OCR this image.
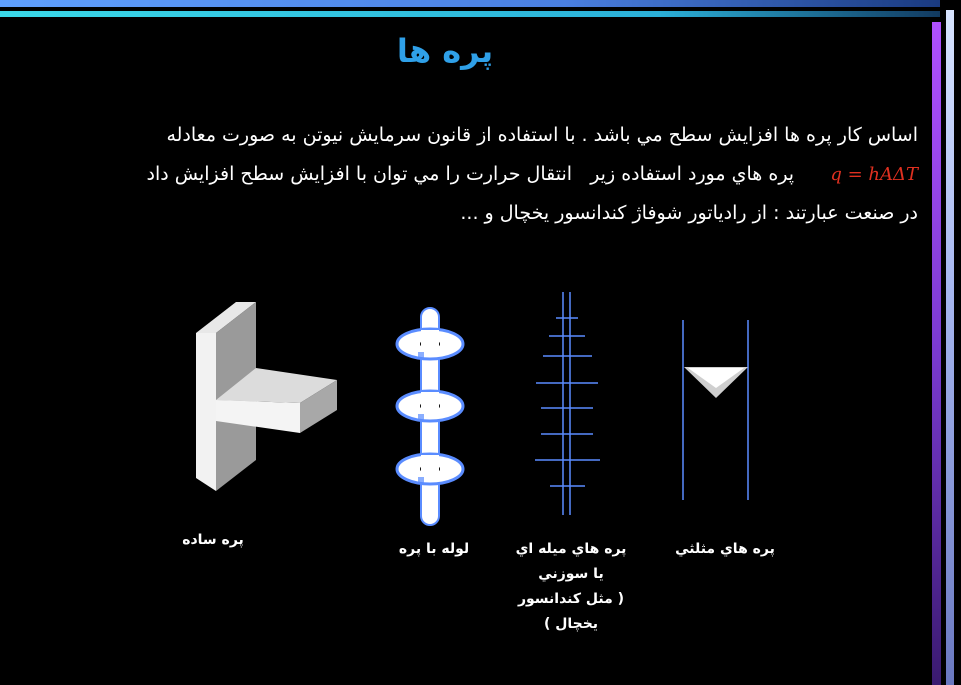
پره ها
اساس کار پره ها افزايش سطح مي باشد . با استفاده از قانون سرمايش نيوتن به صورت معادله
q = hAΔT      پره هاي مورد استفاده زير   انتقال حرارت را مي توان با افزايش سطح افزايش داد
در صنعت عبارتند : از رادياتور شوفاژ کندانسور يخچال و ...
پره ساده
لوله با پره	پره هاي ميله اي
يا سوزني
( مثل کندانسور
يخچال )
پره هاي مثلثي
